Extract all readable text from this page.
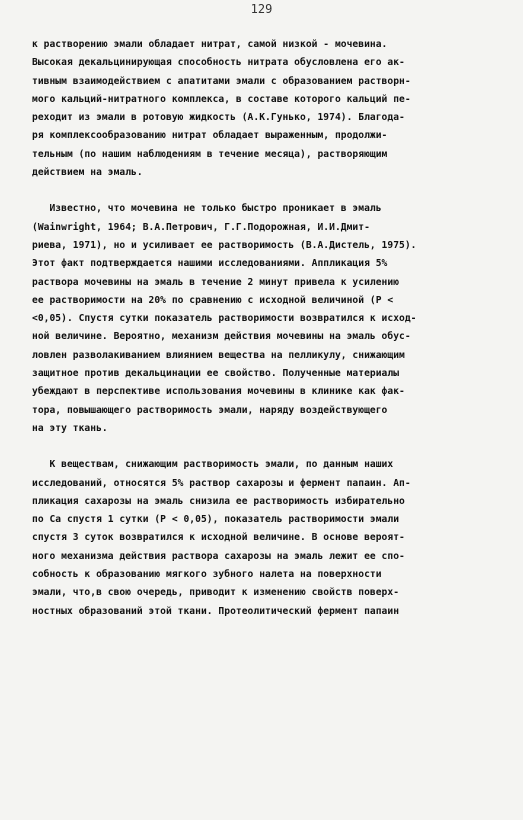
129
к растворению эмали обладает нитрат, самой низкой - мочевина.
Высокая декальцинирующая способность нитрата обусловлена его ак-
тивным взаимодействием с апатитами эмали с образованием растворн-
мого кальций-нитратного комплекса, в составе которого кальций пе-
реходит из эмали в ротовую жидкость (А.К.Гунько, 1974). Благода-
ря комплексообразованию нитрат обладает выраженным, продолжи-
тельным (по нашим наблюдениям в течение месяца), растворяющим
действием на эмаль.
Известно, что мочевина не только быстро проникает в эмаль
(Wainwright, 1964; В.А.Петрович, Г.Г.Подорожная, И.И.Дмит-
риева, 1971), но и усиливает ее растворимость (В.А.Дистель, 1975).
Этот факт подтверждается нашими исследованиями. Аппликация 5%
раствора мочевины на эмаль в течение 2 минут привела к усилению
ее растворимости на 20% по сравнению с исходной величиной (Р <
<0,05). Спустя сутки показатель растворимости возвратился к исход-
ной величине. Вероятно, механизм действия мочевины на эмаль обус-
ловлен разволакиванием влиянием вещества на пелликулу, снижающим
защитное против декальцинации ее свойство. Полученные материалы
убеждают в перспективе использования мочевины в клинике как фак-
тора, повышающего растворимость эмали, наряду воздействующего
на эту ткань.
К веществам, снижающим растворимость эмали, по данным наших
исследований, относятся 5% раствор сахарозы и фермент папаин. Ап-
пликация сахарозы на эмаль снизила ее растворимость избирательно
по Ca спустя 1 сутки (Р < 0,05), показатель растворимости эмали
спустя 3 суток возвратился к исходной величине. В основе вероят-
ного механизма действия раствора сахарозы на эмаль лежит ее спо-
собность к образованию мягкого зубного налета на поверхности
эмали, что,в свою очередь, приводит к изменению свойств поверх-
ностных образований этой ткани. Протеолитический фермент папаин
